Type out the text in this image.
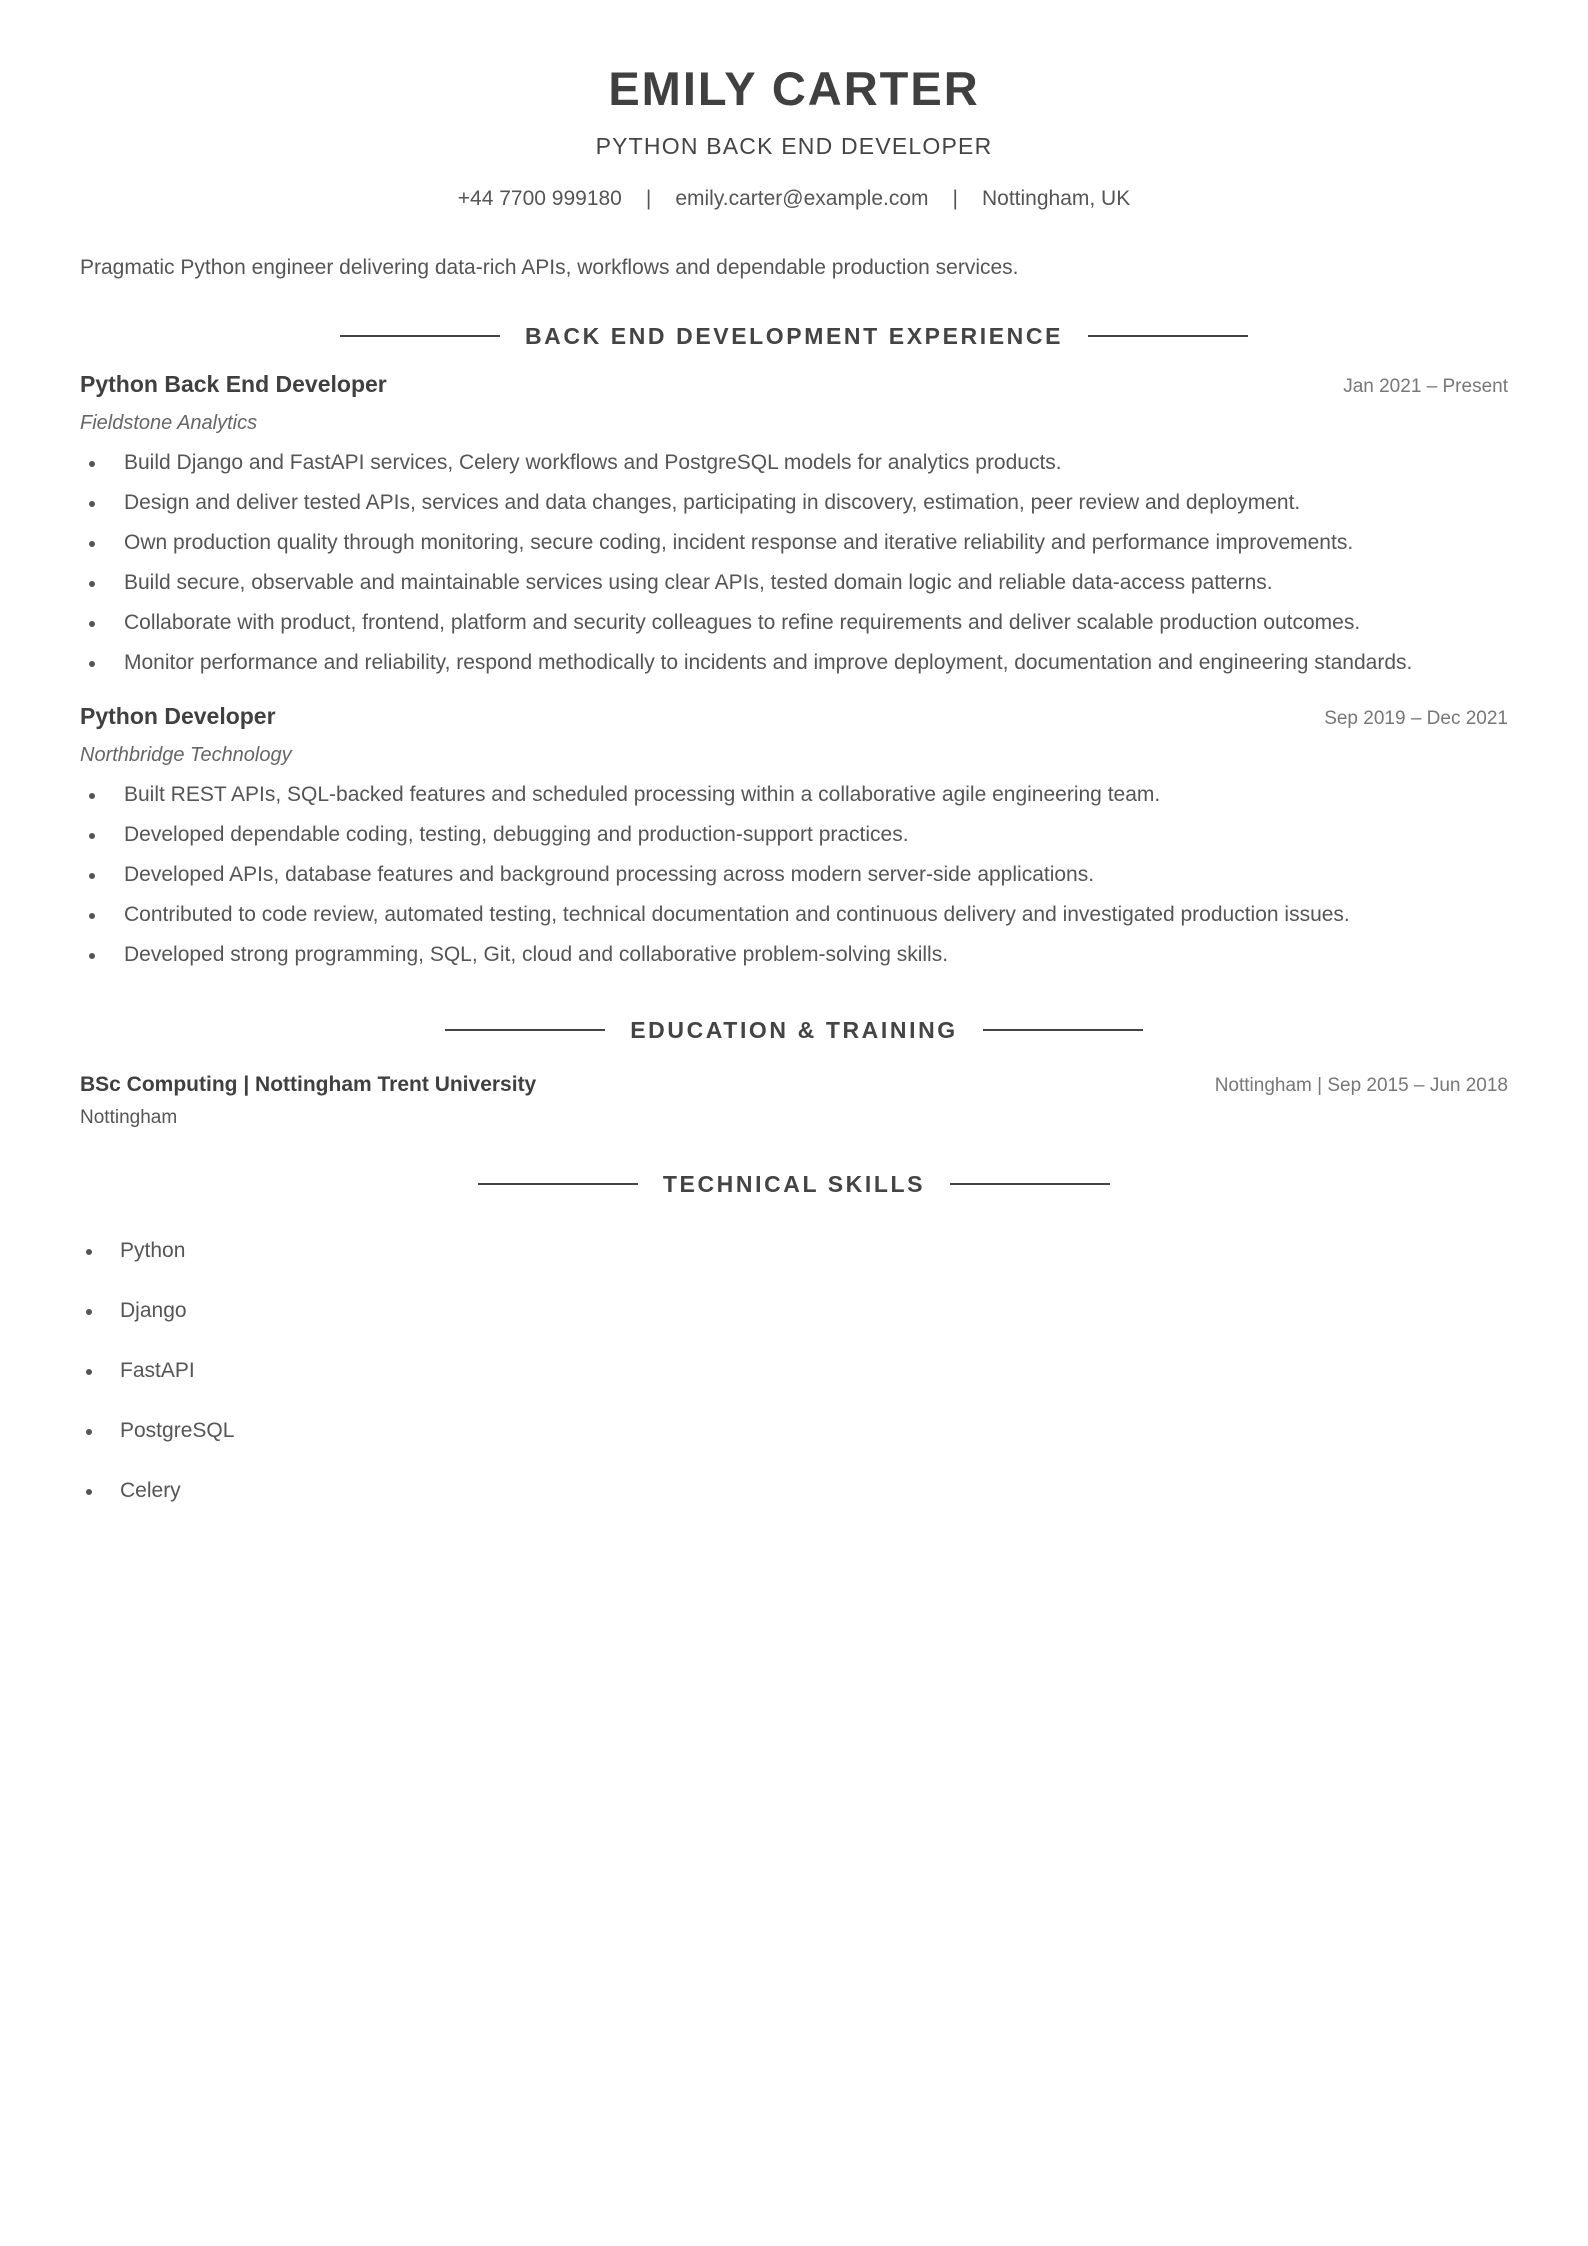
EMILY CARTER
PYTHON BACK END DEVELOPER
+44 7700 999180 | emily.carter@example.com | Nottingham, UK
Pragmatic Python engineer delivering data-rich APIs, workflows and dependable production services.
BACK END DEVELOPMENT EXPERIENCE
Python Back End Developer	Jan 2021 – Present
Fieldstone Analytics
Build Django and FastAPI services, Celery workflows and PostgreSQL models for analytics products.
Design and deliver tested APIs, services and data changes, participating in discovery, estimation, peer review and deployment.
Own production quality through monitoring, secure coding, incident response and iterative reliability and performance improvements.
Build secure, observable and maintainable services using clear APIs, tested domain logic and reliable data-access patterns.
Collaborate with product, frontend, platform and security colleagues to refine requirements and deliver scalable production outcomes.
Monitor performance and reliability, respond methodically to incidents and improve deployment, documentation and engineering standards.
Python Developer	Sep 2019 – Dec 2021
Northbridge Technology
Built REST APIs, SQL-backed features and scheduled processing within a collaborative agile engineering team.
Developed dependable coding, testing, debugging and production-support practices.
Developed APIs, database features and background processing across modern server-side applications.
Contributed to code review, automated testing, technical documentation and continuous delivery and investigated production issues.
Developed strong programming, SQL, Git, cloud and collaborative problem-solving skills.
EDUCATION & TRAINING
BSc Computing | Nottingham Trent University	Nottingham | Sep 2015 – Jun 2018
Nottingham
TECHNICAL SKILLS
Python
Django
FastAPI
PostgreSQL
Celery
